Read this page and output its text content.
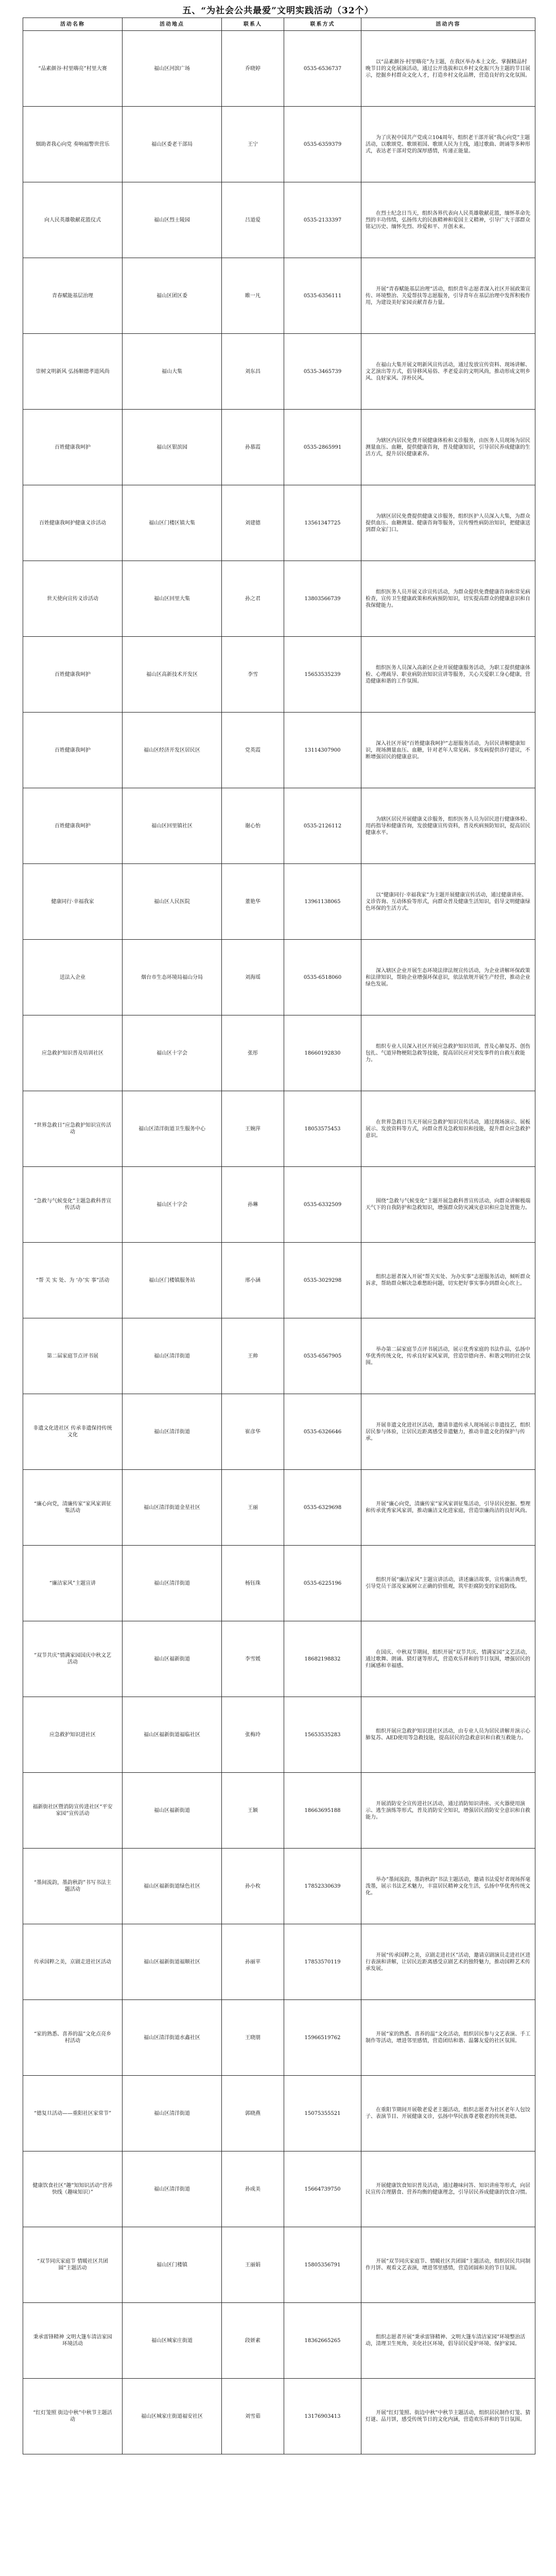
五、“为社会公共最爱”文明实践活动（32个）
活动名称	活动地点	联系人	联系方式	活动内容
“品素颜谷·村里嗨亮”村里大赛	福山区河滨广场	乔晓婷	0535-6536737	以“品素颜谷·村里嗨亮”为主题，在我区举办本土文化、掌握精品村晚节目的文化展演活动，通过公开选拔和以乡村文化振兴为主题的节目展示，挖掘乡村群众文化人才，打造乡村文化品牌，营造良好的文化氛围。
烟助者我心向党 奏响福警世营乐	福山区委老干部局	王宁	0535-6359379	为了庆祝中国共产党成立104周年，组织老干部开展“我心向党”主题活动，以歌颂党、歌颂祖国、歌颂人民为主线，通过歌曲、朗诵等多种形式，表达老干部对党的深厚感情，传递正能量。
向人民英雄敬献花篮仪式	福山区烈士陵园	吕道爱	0535-2133397	在烈士纪念日当天，组织各界代表向人民英雄敬献花篮，缅怀革命先烈的丰功伟绩，弘扬伟大的民族精神和爱国主义精神，引导广大干部群众铭记历史、缅怀先烈、珍爱和平、开创未来。
青春赋能基层治理	福山区团区委	睢一凡	0535-6356111	开展“青春赋能基层治理”活动，组织青年志愿者深入社区开展政策宣传、环境整治、关爱帮扶等志愿服务，引导青年在基层治理中发挥积极作用，为建设美好家园贡献青春力量。
崇树文明新风 弘扬顺德孝道风尚	福山大集	刘东昌	0535-3465739	在福山大集开展文明新风宣传活动，通过发放宣传资料、现场讲解、文艺演出等方式，倡导移风易俗、孝老爱亲的文明风尚，推动形成文明乡风、良好家风、淳朴民风。
百姓健康我呵护	福山区银滨园	孙慕霞	0535-2865991	为辖区内居民免费开展健康体检和义诊服务，由医务人员现场为居民测量血压、血糖，提供健康咨询，普及健康知识，引导居民养成健康的生活方式，提升居民健康素养。
百姓健康我呵护健康义诊活动	福山区门楼区镇大集	刘建德	13561347725	为辖区居民免费提供健康义诊服务，组织医护人员深入大集，为群众提供血压、血糖测量、健康咨询等服务，宣传慢性病防治知识，把健康送到群众家门口。
世天使向宣传义诊活动	福山区回里大集	孙之君	13803566739	组织医务人员开展义诊宣传活动，为群众提供免费健康咨询和常见病检查，宣传卫生健康政策和疾病预防知识，切实提高群众的健康意识和自我保健能力。
百姓健康我呵护	福山区高新技术开发区	李雪	15653535239	组织医务人员深入高新区企业开展健康服务活动，为职工提供健康体检、心理疏导、职业病防治知识宣讲等服务，关心关爱职工身心健康，营造健康和谐的工作氛围。
百姓健康我呵护	福山区经济开发区居民区	党英霞	13114307900	深入社区开展“百姓健康我呵护”志愿服务活动，为居民讲解健康知识，现场测量血压、血糖，针对老年人常见病、多发病提供诊疗建议，不断增强居民的健康意识。
百姓健康我呵护	福山区回里镇社区	谢心怡	0535-2126112	为辖区居民开展健康义诊服务，组织医务人员为居民进行健康体检、用药指导和健康咨询，发放健康宣传资料，普及疾病预防知识，提高居民健康水平。
健康同行·幸福我家	福山区人民医院	董艳华	13961138065	以“健康同行·幸福我家”为主题开展健康宣传活动，通过健康讲座、义诊咨询、互动体验等形式，向群众普及健康生活知识，倡导文明健康绿色环保的生活方式。
送法入企业	烟台市生态环境局福山分局	刘海瑶	0535-6518060	深入辖区企业开展生态环境法律法规宣传活动，为企业讲解环保政策和法律知识，帮助企业增强环保意识，依法依规开展生产经营，推动企业绿色发展。
应急救护知识普及培训社区	福山区十字会	张彤	18660192830	组织专业人员深入社区开展应急救护知识培训，普及心肺复苏、创伤包扎、气道异物梗阻急救等技能，提高居民应对突发事件的自救互救能力。
“世界急救日”应急救护知识宣传活动	福山区清洋街道卫生服务中心	王婉萍	18053575453	在世界急救日当天开展应急救护知识宣传活动，通过现场演示、展板展示、发放资料等方式，向群众普及急救知识和技能，提升群众应急救护意识。
“急救与气候变化”主题急救科普宣传活动	福山区十字会	孙琳	0535-6332509	围绕“急救与气候变化”主题开展急救科普宣传活动，向群众讲解极端天气下的自我防护和急救知识，增强群众防灾减灾意识和应急处置能力。
“帮 关 实 处、为 ‘办’实 事”活动	福山区门楼镇服务站	邢小涵	0535-3029298	组织志愿者深入开展“帮关实处、为办实事”志愿服务活动，倾听群众诉求，帮助群众解决急难愁盼问题，切实把好事实事办到群众心坎上。
第二届家庭节点评书展	福山区清洋街道	王帅	0535-6567905	举办第二届家庭节点评书展活动，展示优秀家庭的书法作品，弘扬中华优秀传统文化，传承良好家风家训，营造崇德向善、和谐文明的社会氛围。
非遗文化进社区 传承非遗保持传统文化	福山区清洋街道	崔彦华	0535-6326646	开展非遗文化进社区活动，邀请非遗传承人现场展示非遗技艺，组织居民参与体验，让居民近距离感受非遗魅力，推动非遗文化的保护与传承。
“廉心向党，清廉传家”家风家训征集活动	福山区清洋街道金星社区	王丽	0535-6329698	开展“廉心向党，清廉传家”家风家训征集活动，引导居民挖掘、整理和传承优秀家风家训，推动廉洁文化进家庭，营造崇廉尚洁的良好风尚。
“廉洁家风”主题宣讲	福山区清洋街道	杨钰珠	0535-6225196	组织开展“廉洁家风”主题宣讲活动，讲述廉洁故事，宣传廉洁典型，引导党员干部及家属树立正确的价值观，筑牢拒腐防变的家庭防线。
“双节共庆”情满家园国庆中秋文艺活动	福山区福新街道	李雪媛	18682198832	在国庆、中秋双节期间，组织开展“双节共庆、情满家园”文艺活动，通过歌舞、朗诵、猜灯谜等形式，营造欢乐祥和的节日氛围，增强居民的归属感和幸福感。
应急救护知识进社区	福山区福新街道福临社区	张梅玲	15653535283	组织开展应急救护知识进社区活动，由专业人员为居民讲解并演示心肺复苏、AED使用等急救技能，提高居民的急救意识和自救互救能力。
福新街社区暨消防宣传进社区“平安家园”宣传活动	福山区福新街道	王颖	18663695188	开展消防安全宣传进社区活动，通过消防知识讲座、灭火器使用演示、逃生演练等形式，普及消防安全知识，增强居民消防安全意识和自救能力。
“墨间流韵，墨韵秋韵”书写书法主题活动	福山区福新街道绿色社区	孙小枚	17852330639	举办“墨间流韵，墨韵秋韵”书法主题活动，邀请书法爱好者现场挥毫泼墨，展示书法艺术魅力，丰富居民精神文化生活，弘扬中华优秀传统文化。
传承国粹之美，京剧走进社区活动	福山区福新街道福顺社区	孙丽苹	17853570119	开展“传承国粹之美，京剧走进社区”活动，邀请京剧演员走进社区进行表演和讲解，让居民近距离感受京剧艺术的独特魅力，推动国粹艺术传承发展。
“家的熟悉、喜养的温”文化点亮乡村活动	福山区清洋街道水鑫社区	王晓朋	15966519762	开展“家的熟悉、喜养的温”文化活动，组织居民参与文艺表演、手工制作等活动，增进邻里感情，营造团结和谐、温馨友爱的社区氛围。
“德复旦活动——重阳社区家常节”	福山区清洋街道	郭晓燕	15075355521	在重阳节期间开展敬老爱老主题活动，组织志愿者为社区老年人包饺子、表演节目、开展健康义诊，弘扬中华民族尊老敬老的传统美德。
健康饮食社区“趣”知知识活动“营养快线（趣味知识）”	福山区清洋街道	孙成美	15664739750	开展健康饮食知识普及活动，通过趣味问答、知识讲座等形式，向居民宣传合理膳食、营养均衡的健康理念，引导居民养成健康的饮食习惯。
“双节同庆家庭节 情暖社区共团圆”主题活动	福山区门楼镇	王丽娟	15805356791	开展“双节同庆家庭节、情暖社区共团圆”主题活动，组织居民共同制作月饼、观看文艺表演，增进邻里感情，营造团圆和美的节日氛围。
秉承雷锋精神 文明大篷车清洁家园环境活动	福山区城家庄街道	段妍素	18362665265	组织志愿者开展“秉承雷锋精神、文明大篷车清洁家园”环境整治活动，清理卫生死角，美化社区环境，倡导居民爱护环境、保护家园。
“红灯笼照 街边中秋”中秋节主题活动	福山区城家庄街道福安社区	刘雪茹	13176903413	开展“红灯笼照、街边中秋”中秋节主题活动，组织居民制作灯笼、猜灯谜、品月饼，感受传统节日的文化内涵，营造欢乐祥和的节日氛围。
